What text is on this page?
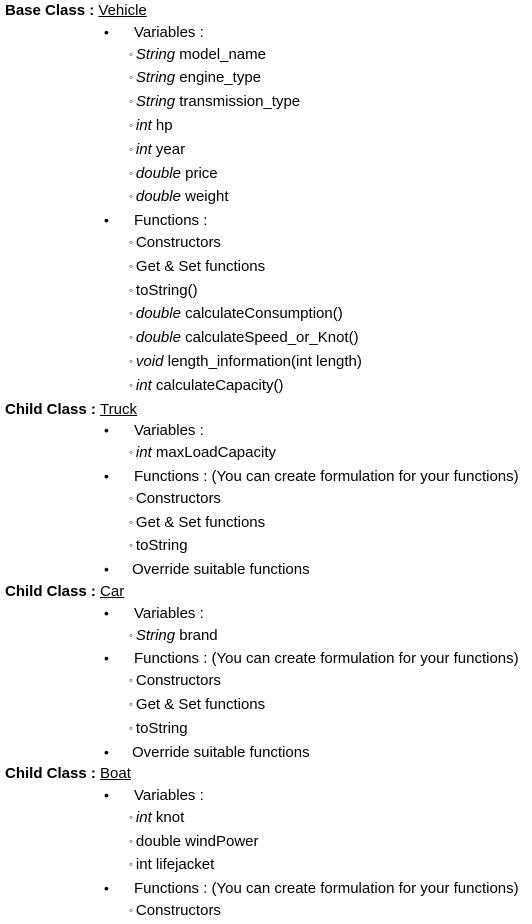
Base Class : Vehicle
• Variables :
◦ String model_name
◦ String engine_type
◦ String transmission_type
◦ int hp
◦ int year
◦ double price
◦ double weight
• Functions :
◦ Constructors
◦ Get & Set functions
◦ toString()
◦ double calculateConsumption()
◦ double calculateSpeed_or_Knot()
◦ void length_information(int length)
◦ int calculateCapacity()
Child Class : Truck
• Variables :
◦ int maxLoadCapacity
• Functions : (You can create formulation for your functions)
◦ Constructors
◦ Get & Set functions
◦ toString
• Override suitable functions
Child Class : Car
• Variables :
◦ String brand
• Functions : (You can create formulation for your functions)
◦ Constructors
◦ Get & Set functions
◦ toString
• Override suitable functions
Child Class : Boat
• Variables :
◦ int knot
◦ double windPower
◦ int lifejacket
• Functions : (You can create formulation for your functions)
◦ Constructors
